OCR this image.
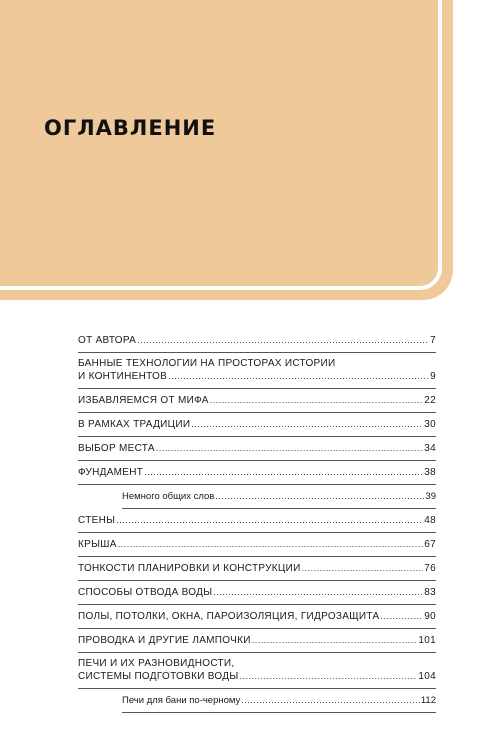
ОГЛАВЛЕНИЕ
ОТ АВТОРА .....	7
БАННЫЕ ТЕХНОЛОГИИ НА ПРОСТОРАХ ИСТОРИИ
И КОНТИНЕНТОВ .....	9
ИЗБАВЛЯЕМСЯ ОТ МИФА .....	22
В РАМКАХ ТРАДИЦИИ .....	30
ВЫБОР МЕСТА .....	34
ФУНДАМЕНТ .....	38
Немного общих слов .....	39
СТЕНЫ .....	48
КРЫША .....	67
ТОНКОСТИ ПЛАНИРОВКИ И КОНСТРУКЦИИ .....	76
СПОСОБЫ ОТВОДА ВОДЫ .....	83
ПОЛЫ, ПОТОЛКИ, ОКНА, ПАРОИЗОЛЯЦИЯ, ГИДРОЗАЩИТА .....	90
ПРОВОДКА И ДРУГИЕ ЛАМПОЧКИ .....	101
ПЕЧИ И ИХ РАЗНОВИДНОСТИ,
СИСТЕМЫ ПОДГОТОВКИ ВОДЫ .....	104
Печи для бани по-черному .....	112
